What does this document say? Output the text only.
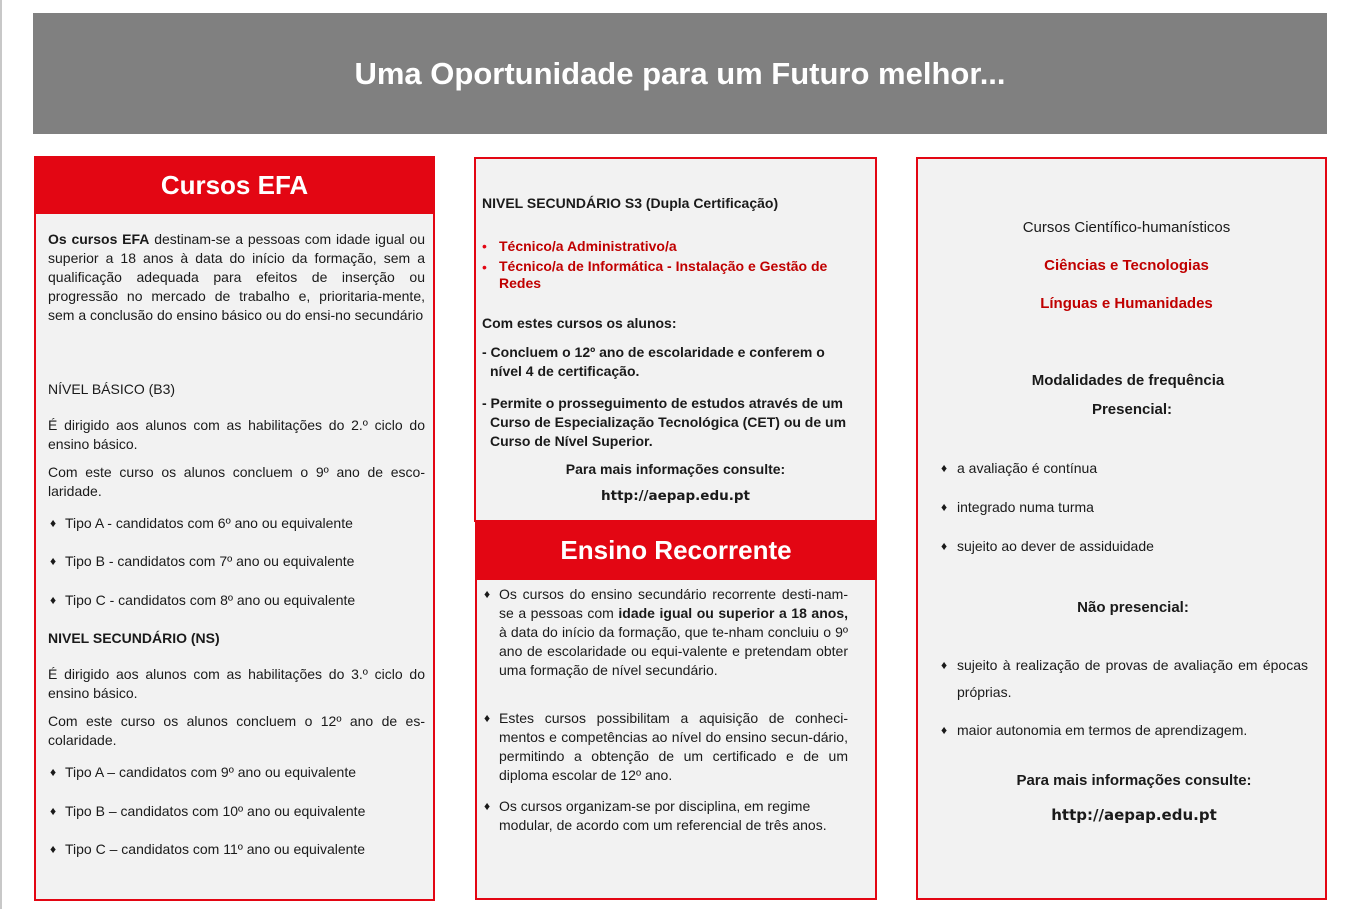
Uma Oportunidade para um Futuro melhor...
Cursos EFA

Os cursos EFA destinam-se a pessoas com idade igual ou superior a 18 anos à data do início da formação, sem a qualificação adequada para efeitos de inserção ou progressão no mercado de trabalho e, prioritaria-mente, sem a conclusão do ensino básico ou do ensi-no secundário

NÍVEL BÁSICO (B3)

É dirigido aos alunos com as habilitações do 2.º ciclo do ensino básico.

Com este curso os alunos concluem o 9º ano de esco-laridade.

♦ Tipo A - candidatos com 6º ano ou equivalente

♦ Tipo B - candidatos com 7º ano ou equivalente

♦ Tipo C - candidatos com 8º ano ou equivalente

NIVEL SECUNDÁRIO (NS)

É dirigido aos alunos com as habilitações do 3.º ciclo do ensino básico.

Com este curso os alunos concluem o 12º ano de es-colaridade.

♦ Tipo A – candidatos com 9º ano ou equivalente

♦ Tipo B – candidatos com 10º ano ou equivalente

♦ Tipo C – candidatos com 11º ano ou equivalente

NIVEL SECUNDÁRIO S3 (Dupla Certificação)

• Técnico/a Administrativo/a

• Técnico/a de Informática - Instalação e Gestão de Redes

Com estes cursos os alunos:

- Concluem o 12º ano de escolaridade e conferem o nível 4 de certificação.

- Permite o prosseguimento de estudos através de um Curso de Especialização Tecnológica (CET) ou de um Curso de Nível Superior.

Para mais informações consulte:

http://aepap.edu.pt

Ensino Recorrente
♦ Os cursos do ensino secundário recorrente desti-nam-se a pessoas com idade igual ou superior a 18 anos, à data do início da formação, que te-nham concluiu o 9º ano de escolaridade ou equi-valente e pretendam obter uma formação de nível secundário.

♦ Estes cursos possibilitam a aquisição de conheci-mentos e competências ao nível do ensino secun-dário, permitindo a obtenção de um certificado e de um diploma escolar de 12º ano.

♦ Os cursos organizam-se por disciplina, em regime modular, de acordo com um referencial de três anos.

Cursos Científico-humanísticos

Ciências e Tecnologias

Línguas e Humanidades

Modalidades de frequência

Presencial:

♦ a avaliação é contínua

♦ integrado numa turma

♦ sujeito ao dever de assiduidade

Não presencial:

♦ sujeito à realização de provas de avaliação em épocas próprias.

♦ maior autonomia em termos de aprendizagem.

Para mais informações consulte:

http://aepap.edu.pt
